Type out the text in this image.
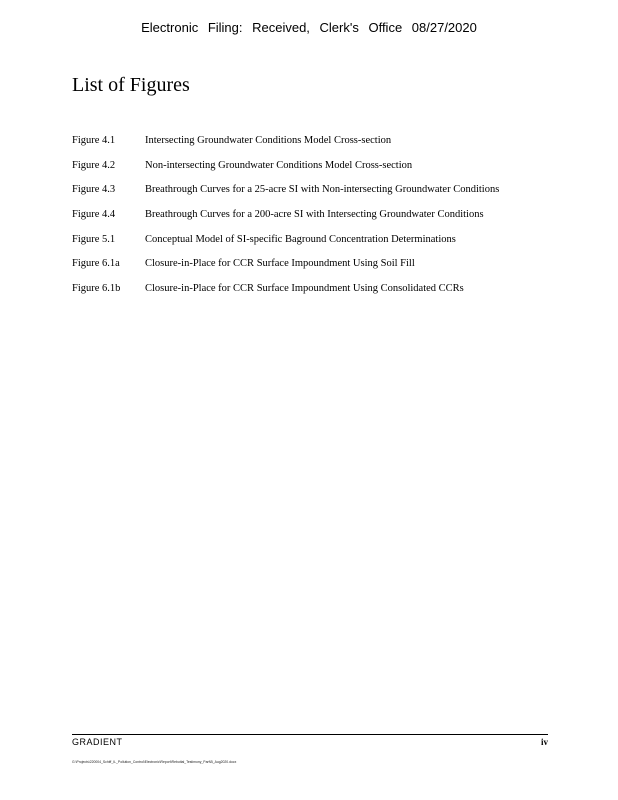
Electronic Filing: Received, Clerk's Office 08/27/2020
List of Figures
Figure 4.1	Intersecting Groundwater Conditions Model Cross-section
Figure 4.2	Non-intersecting Groundwater Conditions Model Cross-section
Figure 4.3	Breathrough Curves for a 25-acre SI with Non-intersecting Groundwater Conditions
Figure 4.4	Breathrough Curves for a 200-acre SI with Intersecting Groundwater Conditions
Figure 5.1	Conceptual Model of SI-specific Baground Concentration Determinations
Figure 6.1a	Closure-in-Place for CCR Surface Impoundment Using Soil Fill
Figure 6.1b	Closure-in-Place for CCR Surface Impoundment Using Consolidated CCRs
GRADIENT	iv
G:\Projects\220004_Schiff_IL_Pollution_Control\Electronic\Report\Rebuttal_Testimony_Part\B_Aug2020.docx
